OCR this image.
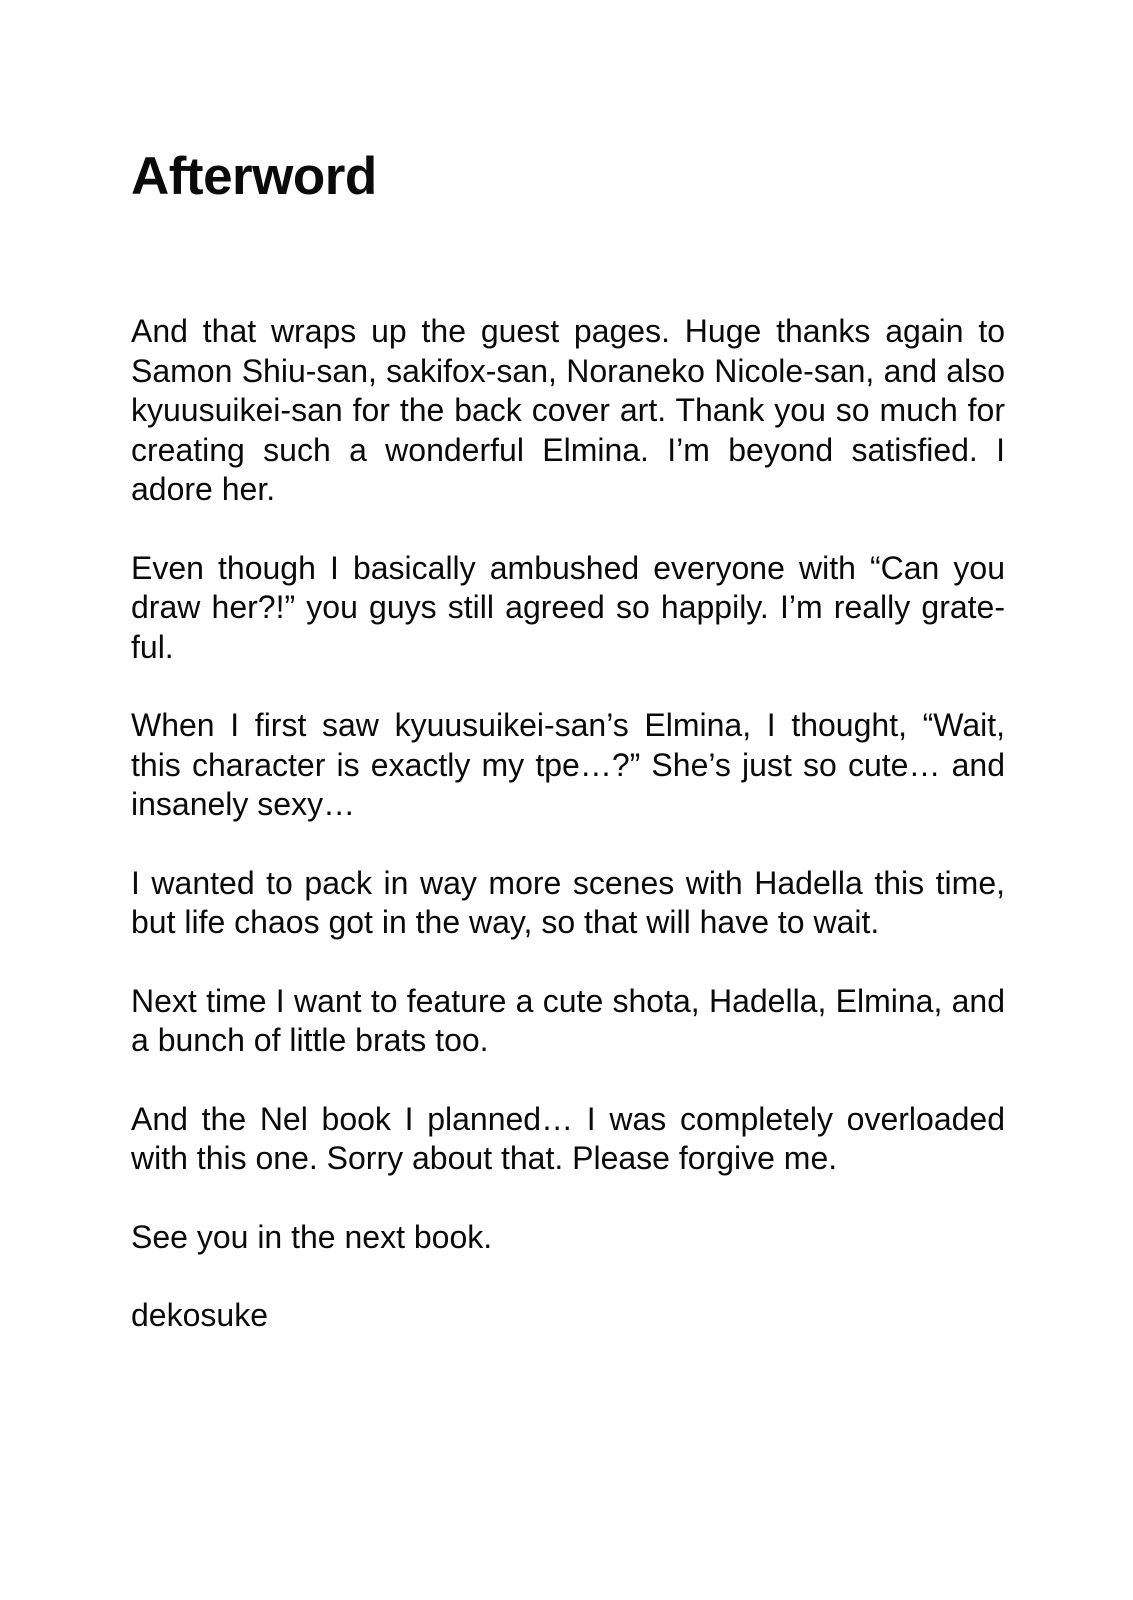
Afterword

And that wraps up the guest pages. Huge thanks again to Samon Shiu-san, sakifox-san, Noraneko Nicole-san, and also kyuusuikei-san for the back cover art. Thank you so much for creating such a wonderful Elmina. I’m beyond satisfied. I adore her.

Even though I basically ambushed everyone with “Can you draw her?!” you guys still agreed so happily. I’m really grateful.

When I first saw kyuusuikei-san’s Elmina, I thought, “Wait, this character is exactly my tpe…?” She’s just so cute… and insanely sexy…

I wanted to pack in way more scenes with Hadella this time, but life chaos got in the way, so that will have to wait.

Next time I want to feature a cute shota, Hadella, Elmina, and a bunch of little brats too.

And the Nel book I planned… I was completely overloaded with this one. Sorry about that. Please forgive me.

See you in the next book.

dekosuke
